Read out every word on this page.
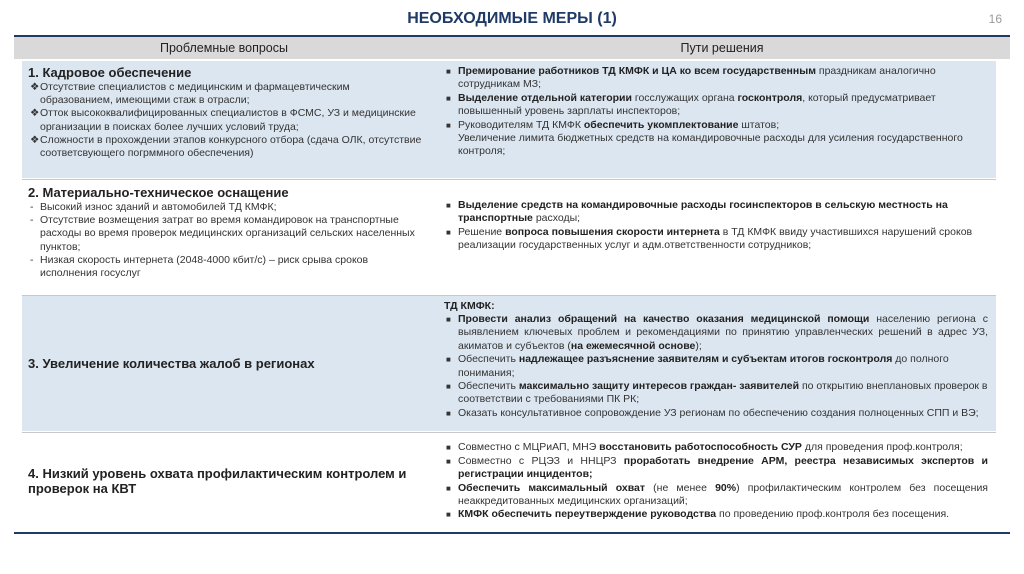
НЕОБХОДИМЫЕ МЕРЫ (1)	16
Проблемные вопросы	Пути решения
1. Кадровое обеспечение
❖Отсутствие специалистов с медицинским и фармацевтическим образованием, имеющими стаж в отрасли;
❖Отток высококвалифицированных специалистов в ФСМС, УЗ и медицинские организации в поисках более лучших условий труда;
❖Сложности в прохождении этапов конкурсного отбора (сдача ОЛК, отсутствие соответсвующего погрммного обеспечения)
■ Премирование работников ТД КМФК и ЦА ко всем государственным праздникам аналогично сотрудникам МЗ;
■ Выделение отдельной категории госслужащих органа госконтроля, который предусматривает повышенный уровень зарплаты инспекторов;
■ Руководителям ТД КМФК обеспечить укомплектование штатов;
Увеличение лимита бюджетных средств на командировочные расходы для усиления государственного контроля;
2. Материально-техническое оснащение
- Высокий износ зданий и автомобилей ТД КМФК;
- Отсутствие возмещения затрат во время командировок на транспортные расходы во время проверок медицинских организаций сельских населенных пунктов;
- Низкая скорость интернета (2048-4000 кбит/с) – риск срыва сроков исполнения госуслуг
■ Выделение средств на командировочные расходы госинспекторов в сельскую местность на транспортные расходы;
■ Решение вопроса повышения скорости интернета в ТД КМФК ввиду участившихся нарушений сроков реализации государственных услуг и адм.ответственности сотрудников;
3. Увеличение количества жалоб в регионах
ТД КМФК:
■ Провести анализ обращений на качество оказания медицинской помощи населению региона с выявлением ключевых проблем и рекомендациями по принятию управленческих решений в адрес УЗ, акиматов и субъектов (на ежемесячной основе);
■ Обеспечить надлежащее разъяснение заявителям и субъектам итогов госконтроля до полного понимания;
■ Обеспечить максимально защиту интересов граждан- заявителей по открытию внеплановых проверок в соответствии с требованиями ПК РК;
■ Оказать консультативное сопровождение УЗ регионам по обеспечению создания полноценных СПП и ВЭ;
4. Низкий уровень охвата профилактическим контролем и проверок на КВТ
■ Совместно с МЦРиАП, МНЭ восстановить работоспособность СУР для проведения проф.контроля;
■ Совместно с РЦЭЗ и ННЦРЗ проработать внедрение АРМ, реестра независимых экспертов и регистрации инцидентов;
■ Обеспечить максимальный охват (не менее 90%) профилактическим контролем без посещения неаккредитованных медицинских организаций;
■ КМФК обеспечить переутверждение руководства по проведению проф.контроля без посещения.
